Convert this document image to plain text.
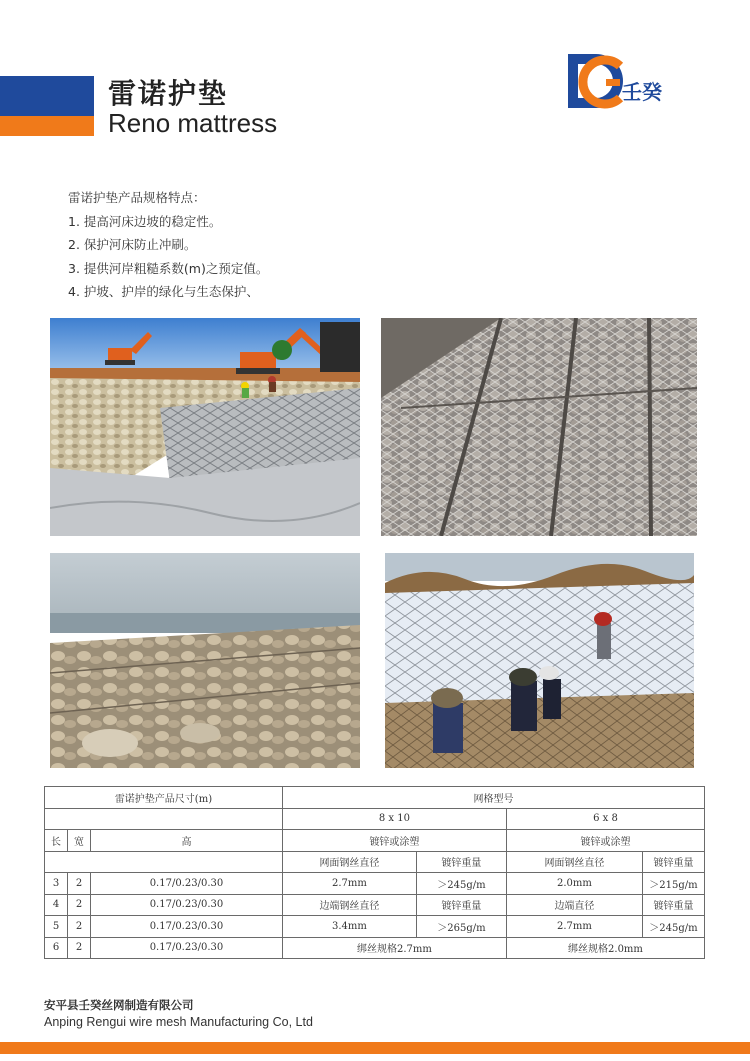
雷诺护垫
Reno mattress
壬癸
雷诺护垫产品规格特点：
1. 提高河床边坡的稳定性。
2. 保护河床防止冲刷。
3. 提供河岸粗糙系数(m)之预定值。
4. 护坡、护岸的绿化与生态保护、
雷诺护垫产品尺寸(m)			网格型号			
			8 x 10		6 x 8	
长	宽	高	镀锌或涂塑		镀锌或涂塑	
			网面钢丝直径	镀锌重量	网面钢丝直径	镀锌重量
3	2	0.17/0.23/0.30	2.7mm	＞245g/m	2.0mm	＞215g/m
4	2	0.17/0.23/0.30	边端钢丝直径	镀锌重量	边端直径	镀锌重量
5	2	0.17/0.23/0.30	3.4mm	＞265g/m	2.7mm	＞245g/m
6	2	0.17/0.23/0.30	绑丝规格2.7mm		绑丝规格2.0mm	
安平县壬癸丝网制造有限公司
Anping Rengui wire mesh Manufacturing Co, Ltd
